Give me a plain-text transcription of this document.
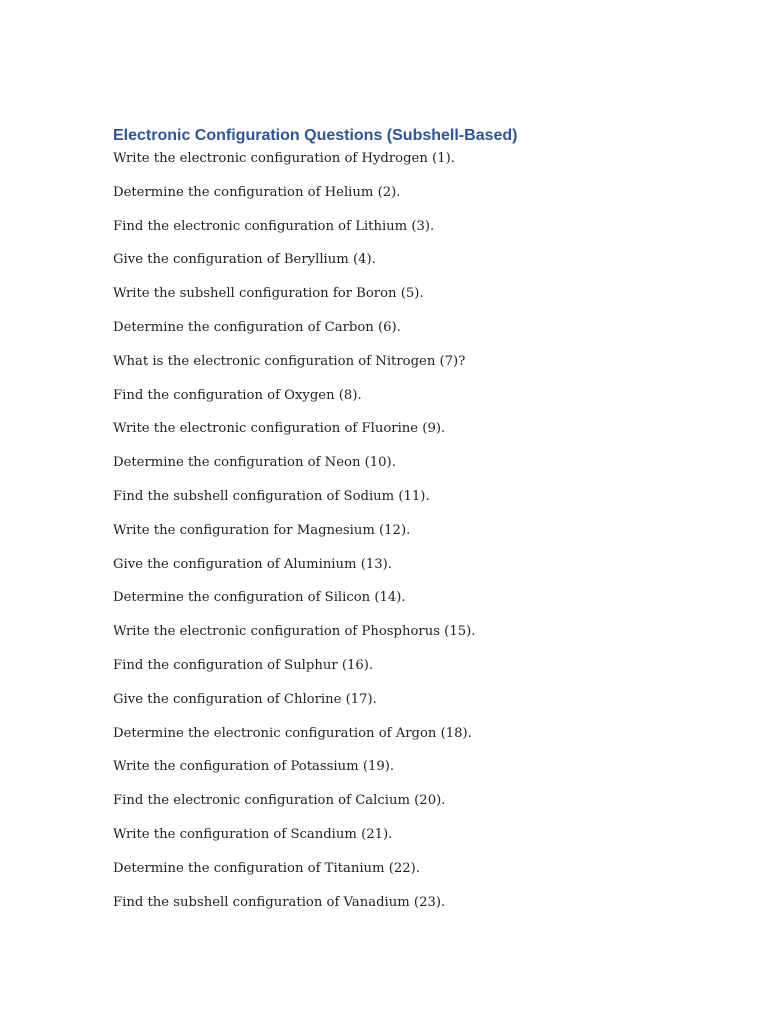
Electronic Configuration Questions (Subshell-Based)
Write the electronic configuration of Hydrogen (1).
Determine the configuration of Helium (2).
Find the electronic configuration of Lithium (3).
Give the configuration of Beryllium (4).
Write the subshell configuration for Boron (5).
Determine the configuration of Carbon (6).
What is the electronic configuration of Nitrogen (7)?
Find the configuration of Oxygen (8).
Write the electronic configuration of Fluorine (9).
Determine the configuration of Neon (10).
Find the subshell configuration of Sodium (11).
Write the configuration for Magnesium (12).
Give the configuration of Aluminium (13).
Determine the configuration of Silicon (14).
Write the electronic configuration of Phosphorus (15).
Find the configuration of Sulphur (16).
Give the configuration of Chlorine (17).
Determine the electronic configuration of Argon (18).
Write the configuration of Potassium (19).
Find the electronic configuration of Calcium (20).
Write the configuration of Scandium (21).
Determine the configuration of Titanium (22).
Find the subshell configuration of Vanadium (23).
